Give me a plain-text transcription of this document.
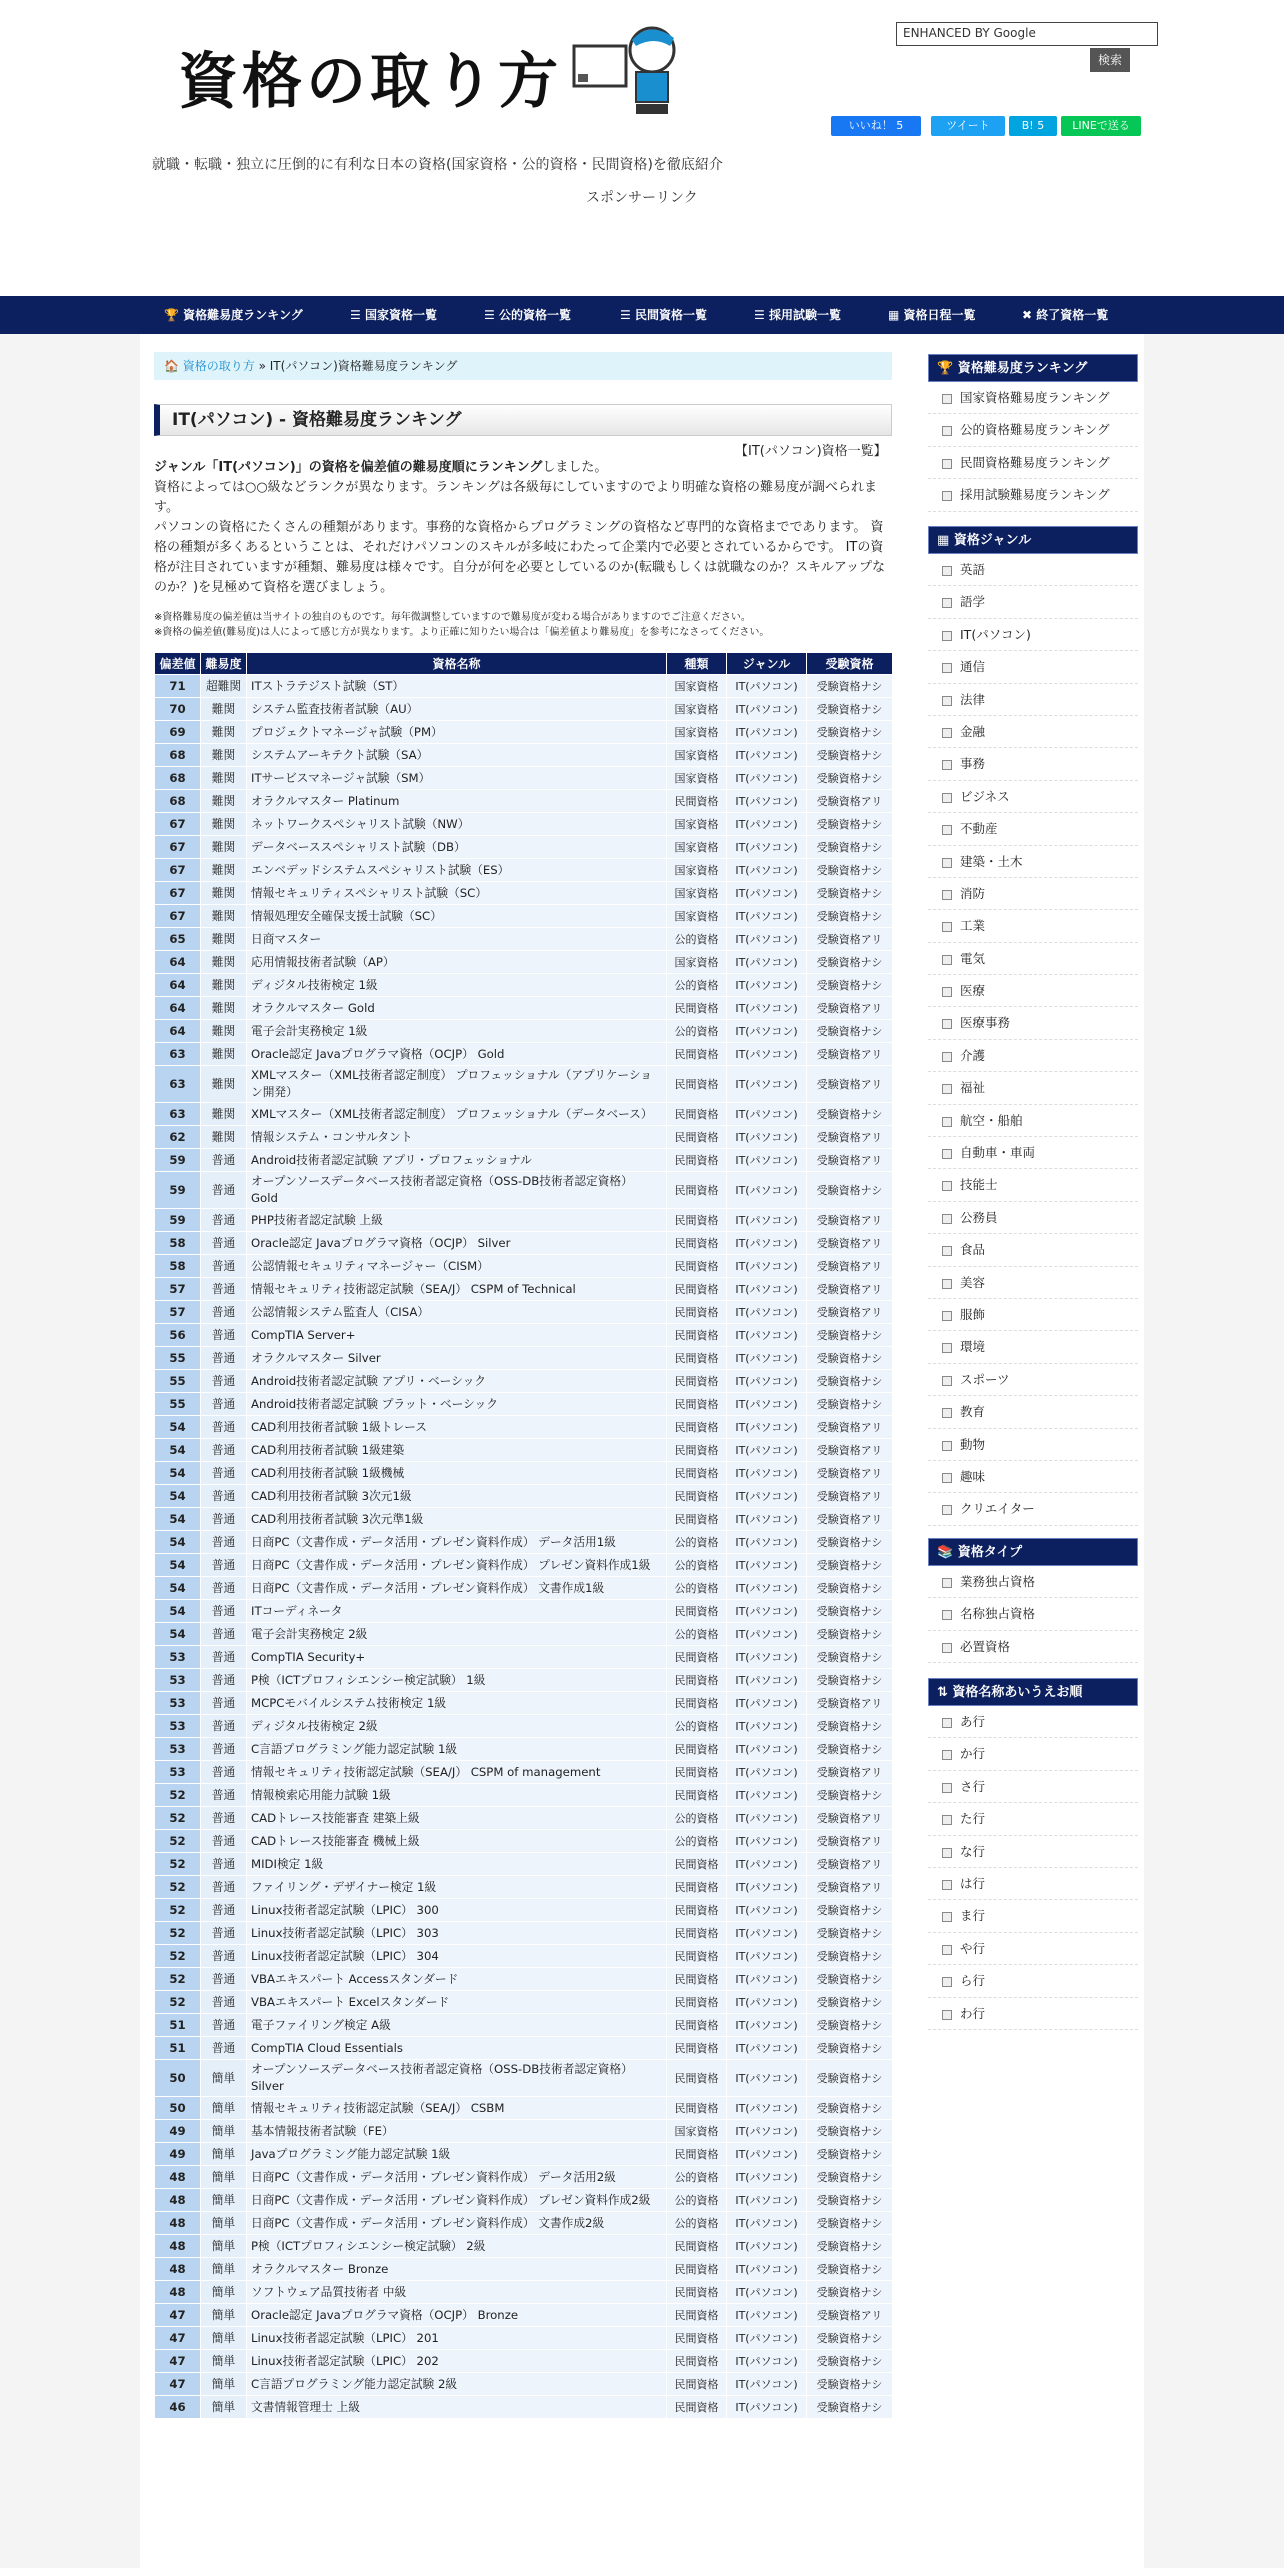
資格の取り方
ENHANCED BY Google
検索
いいね！ 5	ツイート	B! 5	LINEで送る
就職・転職・独立に圧倒的に有利な日本の資格(国家資格・公的資格・民間資格)を徹底紹介
スポンサーリンク
🏆 資格難易度ランキング	☰ 国家資格一覧	☰ 公的資格一覧	☰ 民間資格一覧	☰ 採用試験一覧	▦ 資格日程一覧	✖ 終了資格一覧
🏠 資格の取り方 » IT(パソコン)資格難易度ランキング
IT(パソコン) - 資格難易度ランキング
【IT(パソコン)資格一覧】

ジャンル「IT(パソコン)」の資格を偏差値の難易度順にランキングしました。

資格によっては○○級などランクが異なります。ランキングは各級毎にしていますのでより明確な資格の難易度が調べられます。

パソコンの資格にたくさんの種類があります。事務的な資格からプログラミングの資格など専門的な資格までであります。 資格の種類が多くあるということは、それだけパソコンのスキルが多岐にわたって企業内で必要とされているからです。 ITの資格が注目されていますが種類、難易度は様々です。自分が何を必要としているのか(転職もしくは就職なのか？スキルアップなのか？)を見極めて資格を選びましょう。

※資格難易度の偏差値は当サイトの独自のものです。毎年微調整していますので難易度が変わる場合がありますのでご注意ください。
※資格の偏差値(難易度)は人によって感じ方が異なります。より正確に知りたい場合は「偏差値より難易度」を参考になさってください。
偏差値	難易度	資格名称	種類	ジャンル	受験資格
71	超難関	ITストラテジスト試験（ST）	国家資格	IT(パソコン)	受験資格ナシ
70	難関	システム監査技術者試験（AU）	国家資格	IT(パソコン)	受験資格ナシ
69	難関	プロジェクトマネージャ試験（PM）	国家資格	IT(パソコン)	受験資格ナシ
68	難関	システムアーキテクト試験（SA）	国家資格	IT(パソコン)	受験資格ナシ
68	難関	ITサービスマネージャ試験（SM）	国家資格	IT(パソコン)	受験資格ナシ
68	難関	オラクルマスター Platinum	民間資格	IT(パソコン)	受験資格アリ
67	難関	ネットワークスペシャリスト試験（NW）	国家資格	IT(パソコン)	受験資格ナシ
67	難関	データベーススペシャリスト試験（DB）	国家資格	IT(パソコン)	受験資格ナシ
67	難関	エンベデッドシステムスペシャリスト試験（ES）	国家資格	IT(パソコン)	受験資格ナシ
67	難関	情報セキュリティスペシャリスト試験（SC）	国家資格	IT(パソコン)	受験資格ナシ
67	難関	情報処理安全確保支援士試験（SC）	国家資格	IT(パソコン)	受験資格ナシ
65	難関	日商マスター	公的資格	IT(パソコン)	受験資格アリ
64	難関	応用情報技術者試験（AP）	国家資格	IT(パソコン)	受験資格ナシ
64	難関	ディジタル技術検定 1級	公的資格	IT(パソコン)	受験資格ナシ
64	難関	オラクルマスター Gold	民間資格	IT(パソコン)	受験資格アリ
64	難関	電子会計実務検定 1級	公的資格	IT(パソコン)	受験資格ナシ
63	難関	Oracle認定 Javaプログラマ資格（OCJP） Gold	民間資格	IT(パソコン)	受験資格アリ
63	難関	XMLマスター（XML技術者認定制度） プロフェッショナル（アプリケーション開発）	民間資格	IT(パソコン)	受験資格アリ
63	難関	XMLマスター（XML技術者認定制度） プロフェッショナル（データベース）	民間資格	IT(パソコン)	受験資格ナシ
62	難関	情報システム・コンサルタント	民間資格	IT(パソコン)	受験資格アリ
59	普通	Android技術者認定試験 アプリ・プロフェッショナル	民間資格	IT(パソコン)	受験資格アリ
59	普通	オープンソースデータベース技術者認定資格（OSS-DB技術者認定資格） Gold	民間資格	IT(パソコン)	受験資格ナシ
59	普通	PHP技術者認定試験 上級	民間資格	IT(パソコン)	受験資格アリ
58	普通	Oracle認定 Javaプログラマ資格（OCJP） Silver	民間資格	IT(パソコン)	受験資格アリ
58	普通	公認情報セキュリティマネージャー（CISM）	民間資格	IT(パソコン)	受験資格アリ
57	普通	情報セキュリティ技術認定試験（SEA/J） CSPM of Technical	民間資格	IT(パソコン)	受験資格アリ
57	普通	公認情報システム監査人（CISA）	民間資格	IT(パソコン)	受験資格アリ
56	普通	CompTIA Server+	民間資格	IT(パソコン)	受験資格ナシ
55	普通	オラクルマスター Silver	民間資格	IT(パソコン)	受験資格ナシ
55	普通	Android技術者認定試験 アプリ・ベーシック	民間資格	IT(パソコン)	受験資格ナシ
55	普通	Android技術者認定試験 プラット・ベーシック	民間資格	IT(パソコン)	受験資格ナシ
54	普通	CAD利用技術者試験 1級トレース	民間資格	IT(パソコン)	受験資格アリ
54	普通	CAD利用技術者試験 1級建築	民間資格	IT(パソコン)	受験資格アリ
54	普通	CAD利用技術者試験 1級機械	民間資格	IT(パソコン)	受験資格アリ
54	普通	CAD利用技術者試験 3次元1級	民間資格	IT(パソコン)	受験資格アリ
54	普通	CAD利用技術者試験 3次元準1級	民間資格	IT(パソコン)	受験資格アリ
54	普通	日商PC（文書作成・データ活用・プレゼン資料作成） データ活用1級	公的資格	IT(パソコン)	受験資格ナシ
54	普通	日商PC（文書作成・データ活用・プレゼン資料作成） プレゼン資料作成1級	公的資格	IT(パソコン)	受験資格ナシ
54	普通	日商PC（文書作成・データ活用・プレゼン資料作成） 文書作成1級	公的資格	IT(パソコン)	受験資格ナシ
54	普通	ITコーディネータ	民間資格	IT(パソコン)	受験資格ナシ
54	普通	電子会計実務検定 2級	公的資格	IT(パソコン)	受験資格ナシ
53	普通	CompTIA Security+	民間資格	IT(パソコン)	受験資格ナシ
53	普通	P検（ICTプロフィシエンシー検定試験） 1級	民間資格	IT(パソコン)	受験資格ナシ
53	普通	MCPCモバイルシステム技術検定 1級	民間資格	IT(パソコン)	受験資格アリ
53	普通	ディジタル技術検定 2級	公的資格	IT(パソコン)	受験資格ナシ
53	普通	C言語プログラミング能力認定試験 1級	民間資格	IT(パソコン)	受験資格ナシ
53	普通	情報セキュリティ技術認定試験（SEA/J） CSPM of management	民間資格	IT(パソコン)	受験資格アリ
52	普通	情報検索応用能力試験 1級	民間資格	IT(パソコン)	受験資格ナシ
52	普通	CADトレース技能審査 建築上級	公的資格	IT(パソコン)	受験資格アリ
52	普通	CADトレース技能審査 機械上級	公的資格	IT(パソコン)	受験資格アリ
52	普通	MIDI検定 1級	民間資格	IT(パソコン)	受験資格アリ
52	普通	ファイリング・デザイナー検定 1級	民間資格	IT(パソコン)	受験資格アリ
52	普通	Linux技術者認定試験（LPIC） 300	民間資格	IT(パソコン)	受験資格ナシ
52	普通	Linux技術者認定試験（LPIC） 303	民間資格	IT(パソコン)	受験資格ナシ
52	普通	Linux技術者認定試験（LPIC） 304	民間資格	IT(パソコン)	受験資格ナシ
52	普通	VBAエキスパート Accessスタンダード	民間資格	IT(パソコン)	受験資格ナシ
52	普通	VBAエキスパート Excelスタンダード	民間資格	IT(パソコン)	受験資格ナシ
51	普通	電子ファイリング検定 A級	民間資格	IT(パソコン)	受験資格ナシ
51	普通	CompTIA Cloud Essentials	民間資格	IT(パソコン)	受験資格ナシ
50	簡単	オープンソースデータベース技術者認定資格（OSS-DB技術者認定資格） Silver	民間資格	IT(パソコン)	受験資格ナシ
50	簡単	情報セキュリティ技術認定試験（SEA/J） CSBM	民間資格	IT(パソコン)	受験資格ナシ
49	簡単	基本情報技術者試験（FE）	国家資格	IT(パソコン)	受験資格ナシ
49	簡単	Javaプログラミング能力認定試験 1級	民間資格	IT(パソコン)	受験資格ナシ
48	簡単	日商PC（文書作成・データ活用・プレゼン資料作成） データ活用2級	公的資格	IT(パソコン)	受験資格ナシ
48	簡単	日商PC（文書作成・データ活用・プレゼン資料作成） プレゼン資料作成2級	公的資格	IT(パソコン)	受験資格ナシ
48	簡単	日商PC（文書作成・データ活用・プレゼン資料作成） 文書作成2級	公的資格	IT(パソコン)	受験資格ナシ
48	簡単	P検（ICTプロフィシエンシー検定試験） 2級	民間資格	IT(パソコン)	受験資格ナシ
48	簡単	オラクルマスター Bronze	民間資格	IT(パソコン)	受験資格ナシ
48	簡単	ソフトウェア品質技術者 中級	民間資格	IT(パソコン)	受験資格ナシ
47	簡単	Oracle認定 Javaプログラマ資格（OCJP） Bronze	民間資格	IT(パソコン)	受験資格アリ
47	簡単	Linux技術者認定試験（LPIC） 201	民間資格	IT(パソコン)	受験資格ナシ
47	簡単	Linux技術者認定試験（LPIC） 202	民間資格	IT(パソコン)	受験資格ナシ
47	簡単	C言語プログラミング能力認定試験 2級	民間資格	IT(パソコン)	受験資格ナシ
46	簡単	文書情報管理士 上級	民間資格	IT(パソコン)	受験資格ナシ
🏆 資格難易度ランキング
国家資格難易度ランキング
公的資格難易度ランキング
民間資格難易度ランキング
採用試験難易度ランキング
▦ 資格ジャンル
英語
語学
IT(パソコン)
通信
法律
金融
事務
ビジネス
不動産
建築・土木
消防
工業
電気
医療
医療事務
介護
福祉
航空・船舶
自動車・車両
技能士
公務員
食品
美容
服飾
環境
スポーツ
教育
動物
趣味
クリエイター
📚 資格タイプ
業務独占資格
名称独占資格
必置資格
⇅ 資格名称あいうえお順
あ行
か行
さ行
た行
な行
は行
ま行
や行
ら行
わ行
